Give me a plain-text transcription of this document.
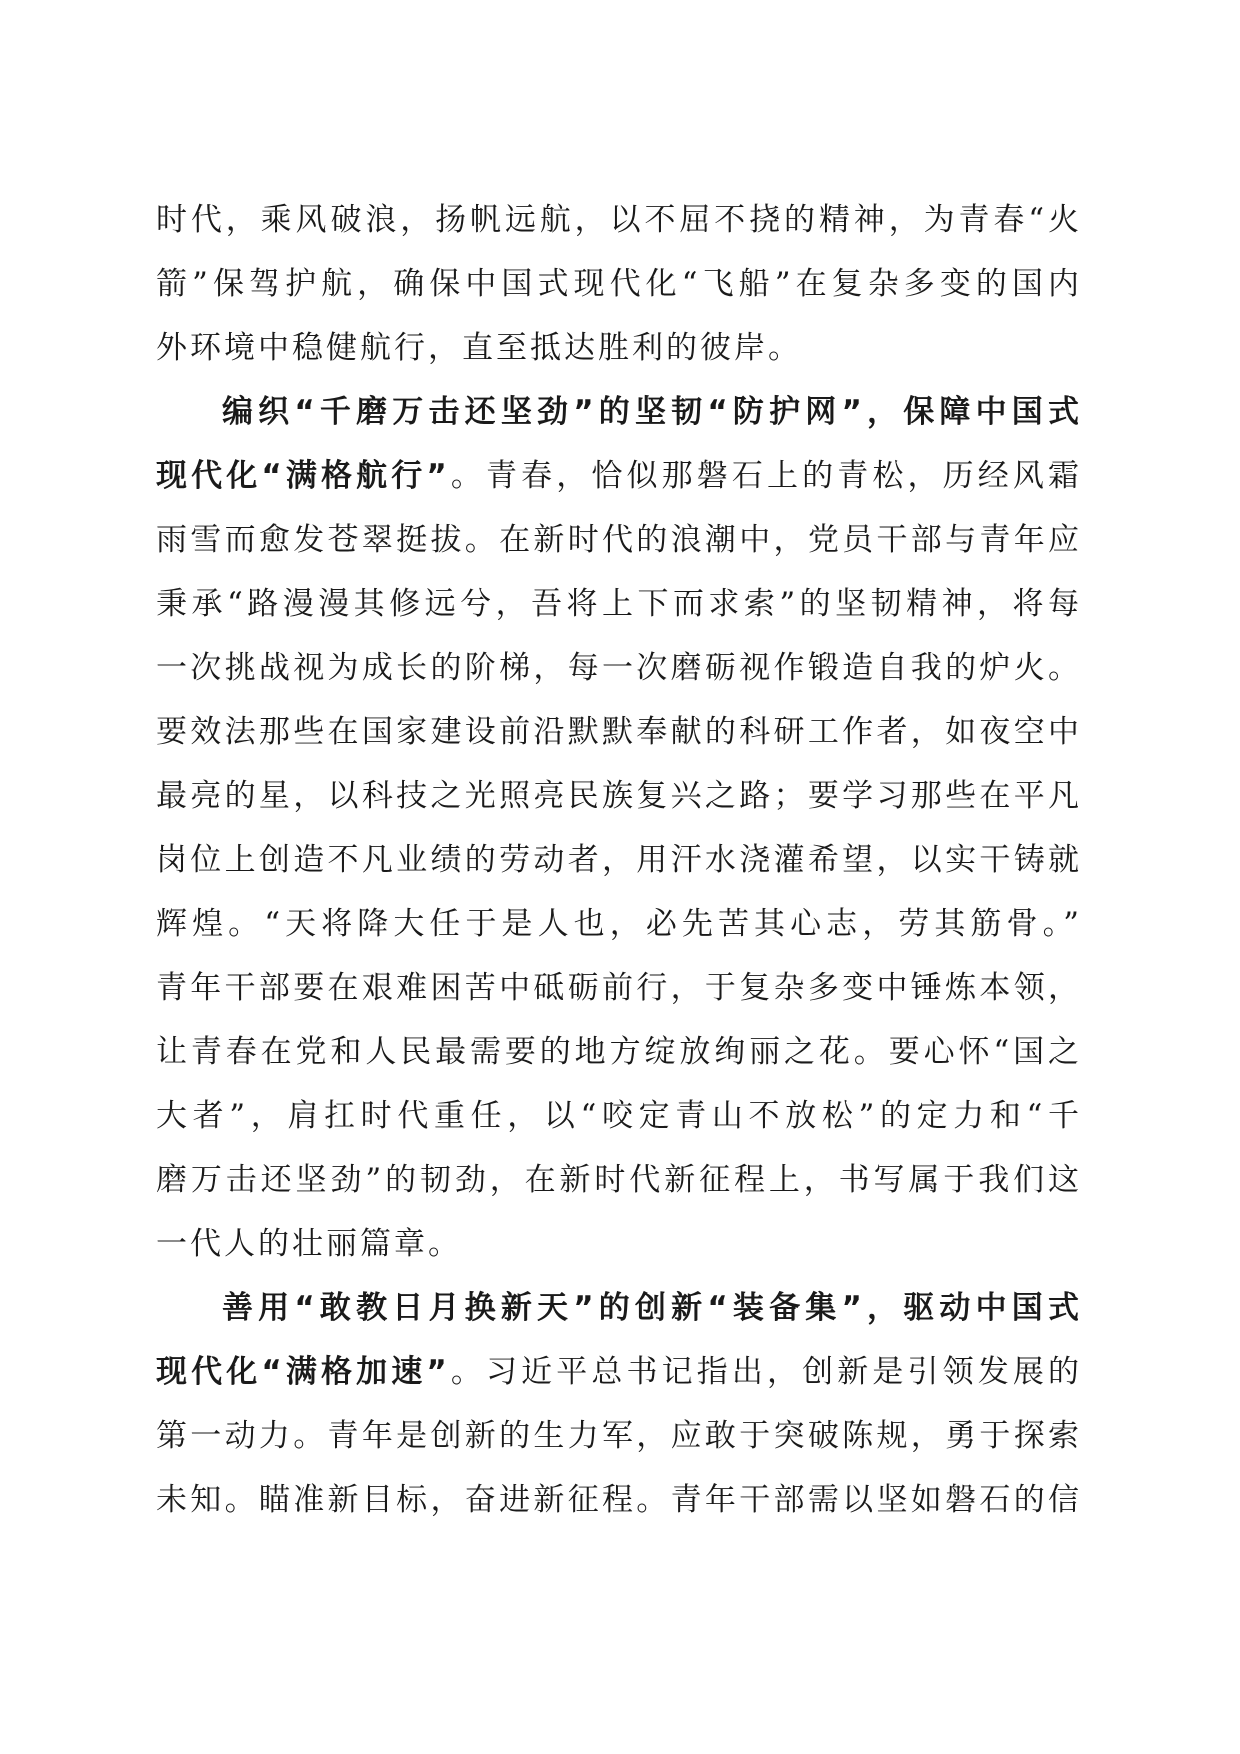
时代，乘风破浪，扬帆远航，以不屈不挠的精神，为青春“火
箭”保驾护航，确保中国式现代化“飞船”在复杂多变的国内
外环境中稳健航行，直至抵达胜利的彼岸。
编织“千磨万击还坚劲”的坚韧“防护网”，保障中国式
现代化“满格航行”。青春，恰似那磐石上的青松，历经风霜
雨雪而愈发苍翠挺拔。在新时代的浪潮中，党员干部与青年应
秉承“路漫漫其修远兮，吾将上下而求索”的坚韧精神，将每
一次挑战视为成长的阶梯，每一次磨砺视作锻造自我的炉火。
要效法那些在国家建设前沿默默奉献的科研工作者，如夜空中
最亮的星，以科技之光照亮民族复兴之路；要学习那些在平凡
岗位上创造不凡业绩的劳动者，用汗水浇灌希望，以实干铸就
辉煌。“天将降大任于是人也，必先苦其心志，劳其筋骨。”
青年干部要在艰难困苦中砥砺前行，于复杂多变中锤炼本领，
让青春在党和人民最需要的地方绽放绚丽之花。要心怀“国之
大者”，肩扛时代重任，以“咬定青山不放松”的定力和“千
磨万击还坚劲”的韧劲，在新时代新征程上，书写属于我们这
一代人的壮丽篇章。
善用“敢教日月换新天”的创新“装备集”，驱动中国式
现代化“满格加速”。习近平总书记指出，创新是引领发展的
第一动力。青年是创新的生力军，应敢于突破陈规，勇于探索
未知。瞄准新目标，奋进新征程。青年干部需以坚如磐石的信
